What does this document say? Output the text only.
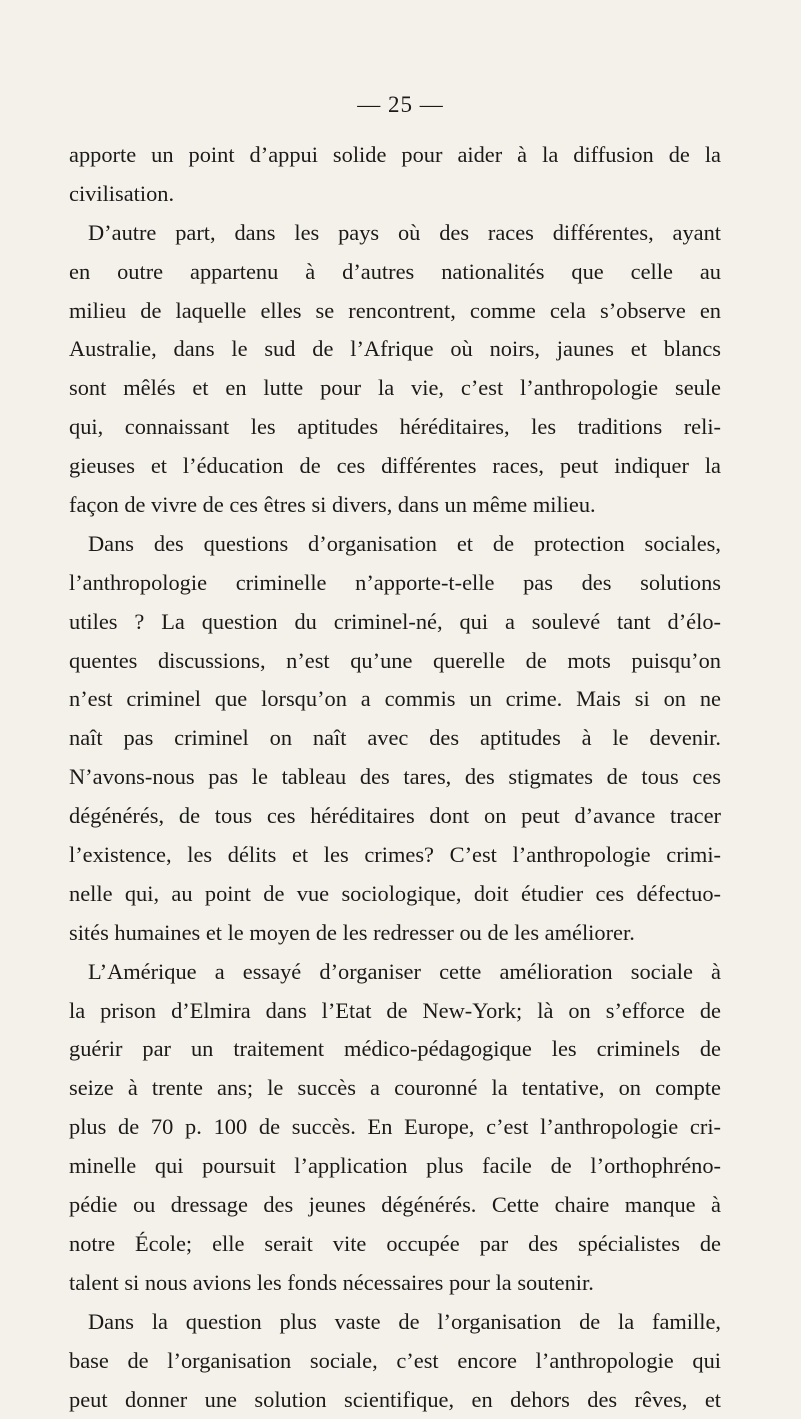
— 25 —
apporte un point d’appui solide pour aider à la diffusion de la
civilisation.
D’autre part, dans les pays où des races différentes, ayant
en outre appartenu à d’autres nationalités que celle au
milieu de laquelle elles se rencontrent, comme cela s’observe en
Australie, dans le sud de l’Afrique où noirs, jaunes et blancs
sont mêlés et en lutte pour la vie, c’est l’anthropologie seule
qui, connaissant les aptitudes héréditaires, les traditions reli-
gieuses et l’éducation de ces différentes races, peut indiquer la
façon de vivre de ces êtres si divers, dans un même milieu.
Dans des questions d’organisation et de protection sociales,
l’anthropologie criminelle n’apporte-t-elle pas des solutions
utiles ? La question du criminel-né, qui a soulevé tant d’élo-
quentes discussions, n’est qu’une querelle de mots puisqu’on
n’est criminel que lorsqu’on a commis un crime. Mais si on ne
naît pas criminel on naît avec des aptitudes à le devenir.
N’avons-nous pas le tableau des tares, des stigmates de tous ces
dégénérés, de tous ces héréditaires dont on peut d’avance tracer
l’existence, les délits et les crimes? C’est l’anthropologie crimi-
nelle qui, au point de vue sociologique, doit étudier ces défectuo-
sités humaines et le moyen de les redresser ou de les améliorer.
L’Amérique a essayé d’organiser cette amélioration sociale à
la prison d’Elmira dans l’Etat de New-York; là on s’efforce de
guérir par un traitement médico-pédagogique les criminels de
seize à trente ans; le succès a couronné la tentative, on compte
plus de 70 p. 100 de succès. En Europe, c’est l’anthropologie cri-
minelle qui poursuit l’application plus facile de l’orthophréno-
pédie ou dressage des jeunes dégénérés. Cette chaire manque à
notre École; elle serait vite occupée par des spécialistes de
talent si nous avions les fonds nécessaires pour la soutenir.
Dans la question plus vaste de l’organisation de la famille,
base de l’organisation sociale, c’est encore l’anthropologie qui
peut donner une solution scientifique, en dehors des rêves, et
